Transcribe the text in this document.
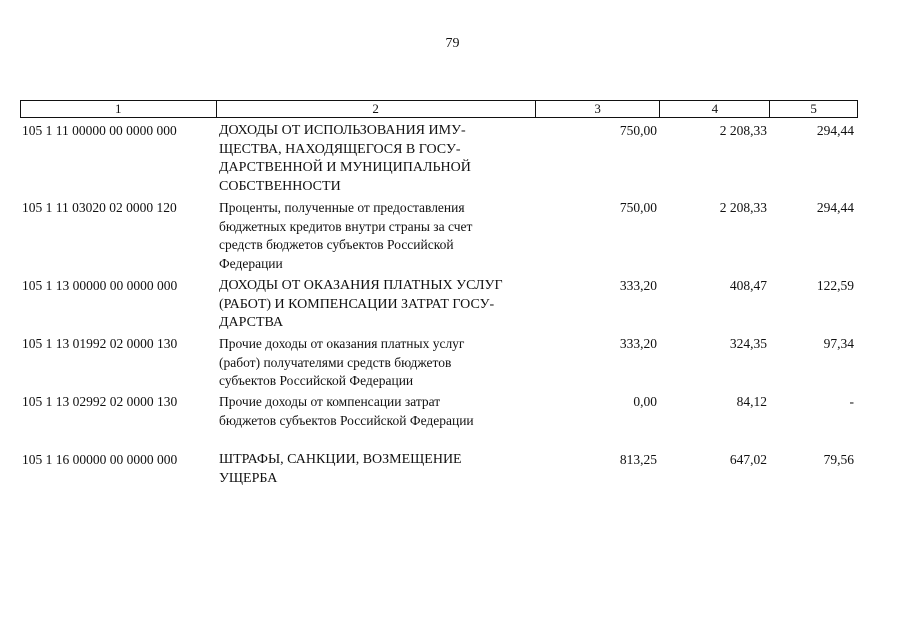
79
1	2	3	4	5
105 1 11 00000 00 0000 000	ДОХОДЫ ОТ ИСПОЛЬЗОВАНИЯ ИМУ-
ЩЕСТВА, НАХОДЯЩЕГОСЯ В ГОСУ-
ДАРСТВЕННОЙ И МУНИЦИПАЛЬНОЙ
СОБСТВЕННОСТИ
750,00	2 208,33	294,44
105 1 11 03020 02 0000 120	Проценты, полученные от предоставления
бюджетных кредитов внутри страны за счет
средств бюджетов субъектов Российской
Федерации
750,00	2 208,33	294,44
105 1 13 00000 00 0000 000	ДОХОДЫ ОТ ОКАЗАНИЯ ПЛАТНЫХ УСЛУГ
(РАБОТ) И КОМПЕНСАЦИИ ЗАТРАТ ГОСУ-
ДАРСТВА
333,20	408,47	122,59
105 1 13 01992 02 0000 130	Прочие доходы от оказания платных услуг
(работ) получателями средств бюджетов
субъектов Российской Федерации
333,20	324,35	97,34
105 1 13 02992 02 0000 130	Прочие доходы от компенсации затрат
бюджетов субъектов Российской Федерации
0,00	84,12	-
105 1 16 00000 00 0000 000	ШТРАФЫ, САНКЦИИ, ВОЗМЕЩЕНИЕ
УЩЕРБА
813,25	647,02	79,56
